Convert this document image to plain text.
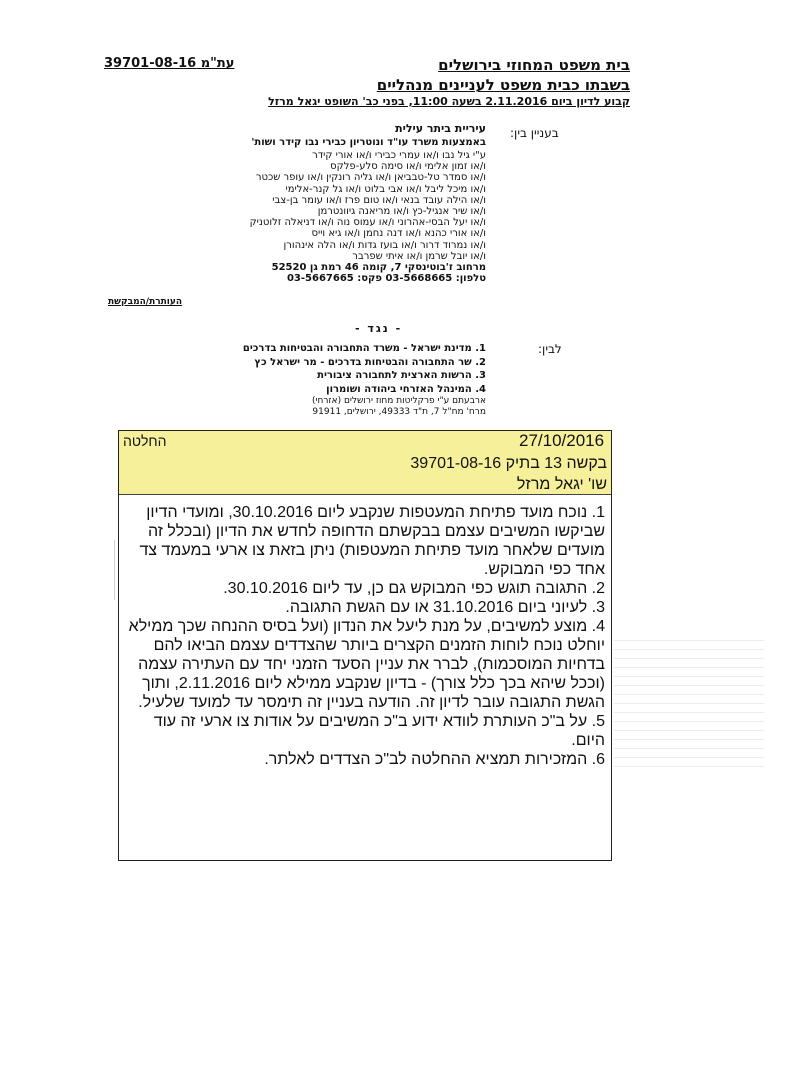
בית משפט המחוזי בירושלים
עת"מ 39701-08-16
בשבתו כבית משפט לעניינים מנהליים
קבוע לדיון ביום 2.11.2016 בשעה 11:00, בפני כב' השופט יגאל מרזל
בעניין בין:
עיריית ביתר עילית
באמצעות משרד עו"ד ונוטריון כבירי נבו קידר ושות'
ע"י גיל נבו ו/או עמרי כבירי ו/או אורי קידר
ו/או זמון אלימי ו/או סימה סלע-פלקס
ו/או סמדר טל-טבביאן ו/או גליה רונקין ו/או עופר שכטר
ו/או מיכל ליבל ו/או אבי בלוט ו/או גל קנר-אלימי
ו/או הילה עובד בנאי ו/או טום פרז ו/או עומר בן-צבי
ו/או שיר אנגיל-כץ ו/או מריאנה גיוונטרמן
ו/או יעל הבסי-אהרוני ו/או עמוס נוה ו/או דניאלה זלוטניק
ו/או אורי כהנא ו/או דנה נחמן ו/או גיא וייס
ו/או נמרוד דרור ו/או בועז גדות ו/או הלה אינהורן
ו/או יובל שרמן ו/או איתי שפרבר
מרחוב ז'בוטינסקי 7, קומה 46 רמת גן 52520
טלפון: 03-5668665 פקס: 03-5667665
העותרת/המבקשת
- נגד -
לבין:
1. מדינת ישראל - משרד התחבורה והבטיחות בדרכים
2. שר התחבורה והבטיחות בדרכים - מר ישראל כץ
3. הרשות הארצית לתחבורה ציבורית
4. המינהל האזרחי ביהודה ושומרון
ארבעתם ע"י פרקליטות מחוז ירושלים (אזרחי)
מרח' מח"ל 7, ת"ד 49333, ירושלים, 91911
27/10/2016
החלטה
בקשה 13 בתיק 39701-08-16
שו' יגאל מרזל

1. נוכח מועד פתיחת המעטפות שנקבע ליום 30.10.2016, ומועדי הדיון שביקשו המשיבים עצמם בבקשתם הדחופה לחדש את הדיון (ובכלל זה מועדים שלאחר מועד פתיחת המעטפות) ניתן בזאת צו ארעי במעמד צד אחד כפי המבוקש.

2. התגובה תוגש כפי המבוקש גם כן, עד ליום 30.10.2016.

3. לעיוני ביום 31.10.2016 או עם הגשת התגובה.

4. מוצע למשיבים, על מנת ליעל את הנדון (ועל בסיס ההנחה שכך ממילא יוחלט נוכח לוחות הזמנים הקצרים ביותר שהצדדים עצמם הביאו להם בדחיות המוסכמות), לברר את עניין הסעד הזמני יחד עם העתירה עצמה (וככל שיהא בכך כלל צורך) - בדיון שנקבע ממילא ליום 2.11.2016, ותוך הגשת התגובה עובר לדיון זה. הודעה בעניין זה תימסר עד למועד שלעיל.

5. על ב"כ העותרת לוודא ידוע ב"כ המשיבים על אודות צו ארעי זה עוד היום.

6. המזכירות תמציא ההחלטה לב"כ הצדדים לאלתר.
